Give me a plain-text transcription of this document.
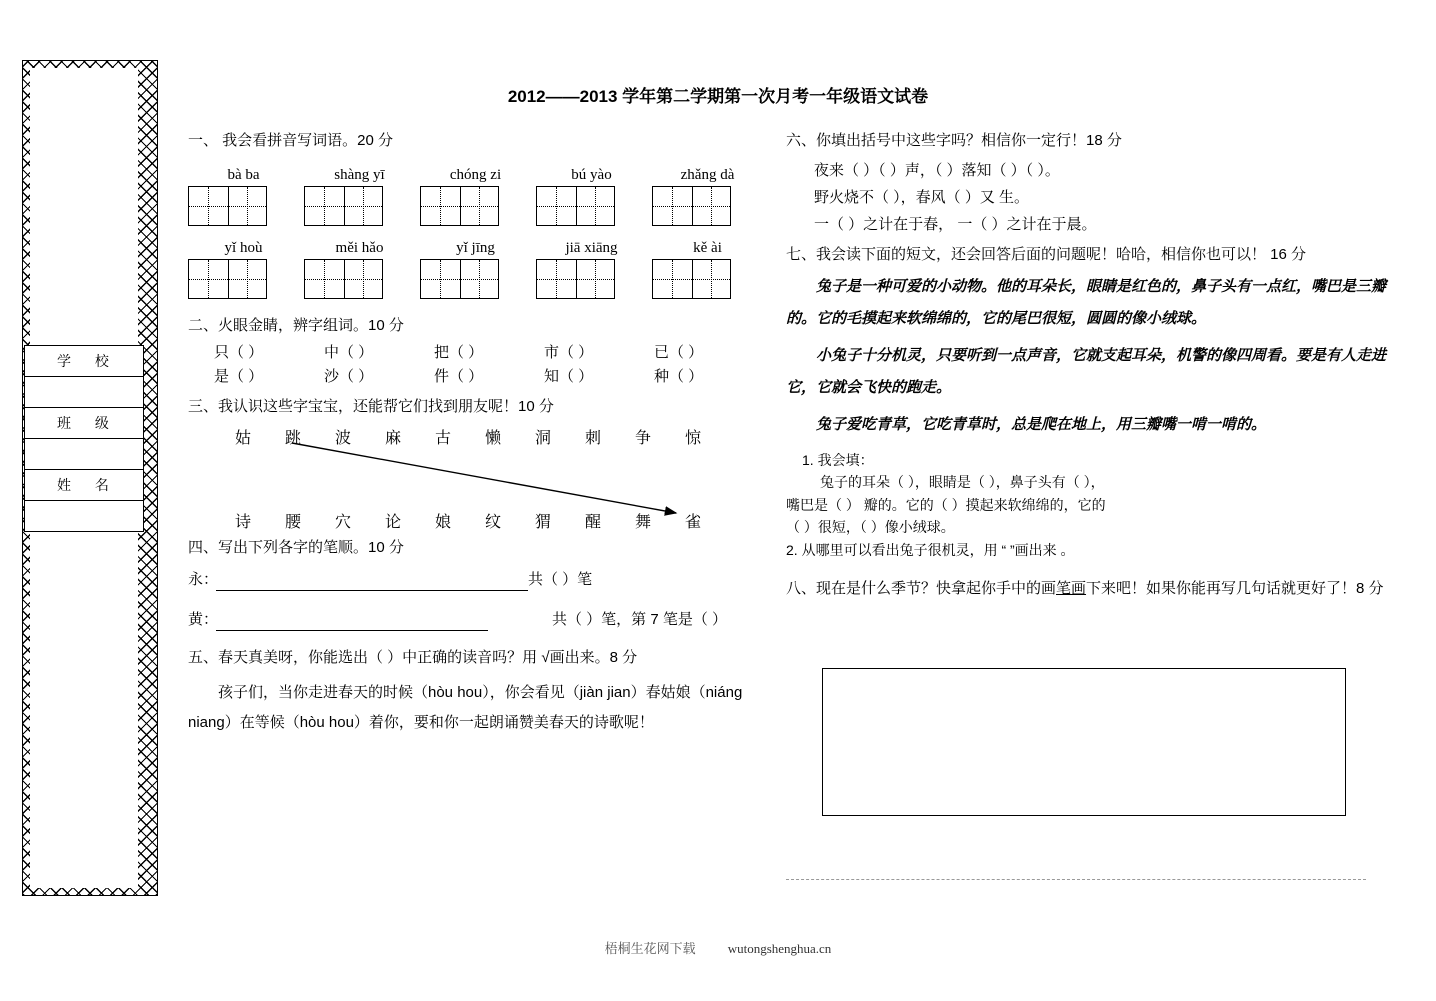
学 校

班 级

姓 名

2012——2013 学年第二学期第一次月考一年级语文试卷
一、 我会看拼音写词语。20 分
bà ba	shàng yī	chóng zi	bú yào	zhǎng dà
yǐ hoù	měi hǎo	yǐ jīng	jiā xiāng	kě ài
二、火眼金睛，辨字组词。10 分
只（ ）	中（ ）	把（ ）	市（ ）	已（ ）
是（ ）	沙（ ）	件（ ）	知（ ）	种（ ）
三、我认识这些字宝宝，还能帮它们找到朋友呢！10 分
姑	跳	波	麻	古	懒	洞	刺	争	惊
诗	腰	穴	论	娘	纹	猬	醒	舞	雀
四、写出下列各字的笔顺。10 分
永：	共（ ）笔
黄：	共（ ）笔，第 7 笔是（ ）
五、春天真美呀，你能选出（ ）中正确的读音吗？用 √画出来。8 分
孩子们，当你走进春天的时候（hòu hou），你会看见（jiàn jian）春姑娘（niáng niang）在等候（hòu hou）着你，要和你一起朗诵赞美春天的诗歌呢！
六、你填出括号中这些字吗？相信你一定行！18 分
夜来（ ）（ ）声，（ ）落知（ ）（ ）。
野火烧不（ ），春风（ ）又 生。
一（ ）之计在于春， 一（ ）之计在于晨。
七、我会读下面的短文，还会回答后面的问题呢！哈哈，相信你也可以！ 16 分
兔子是一种可爱的小动物。他的耳朵长，眼睛是红色的，鼻子头有一点红，嘴巴是三瓣的。它的毛摸起来软绵绵的，它的尾巴很短，圆圆的像小绒球。
小兔子十分机灵，只要听到一点声音，它就支起耳朵，机警的像四周看。要是有人走进它，它就会飞快的跑走。
兔子爱吃青草，它吃青草时，总是爬在地上，用三瓣嘴一啃一啃的。
1. 我会填：
兔子的耳朵（ ），眼睛是（ ），鼻子头有（ ），
嘴巴是（ ） 瓣的。它的（ ）摸起来软绵绵的，它的
（ ）很短，（ ）像小绒球。
2. 从哪里可以看出兔子很机灵，用 “ ”画出来 。
八、现在是什么季节？快拿起你手中的画笔画下来吧！如果你能再写几句话就更好了！8 分
梧桐生花网下载 wutongshenghua.cn
